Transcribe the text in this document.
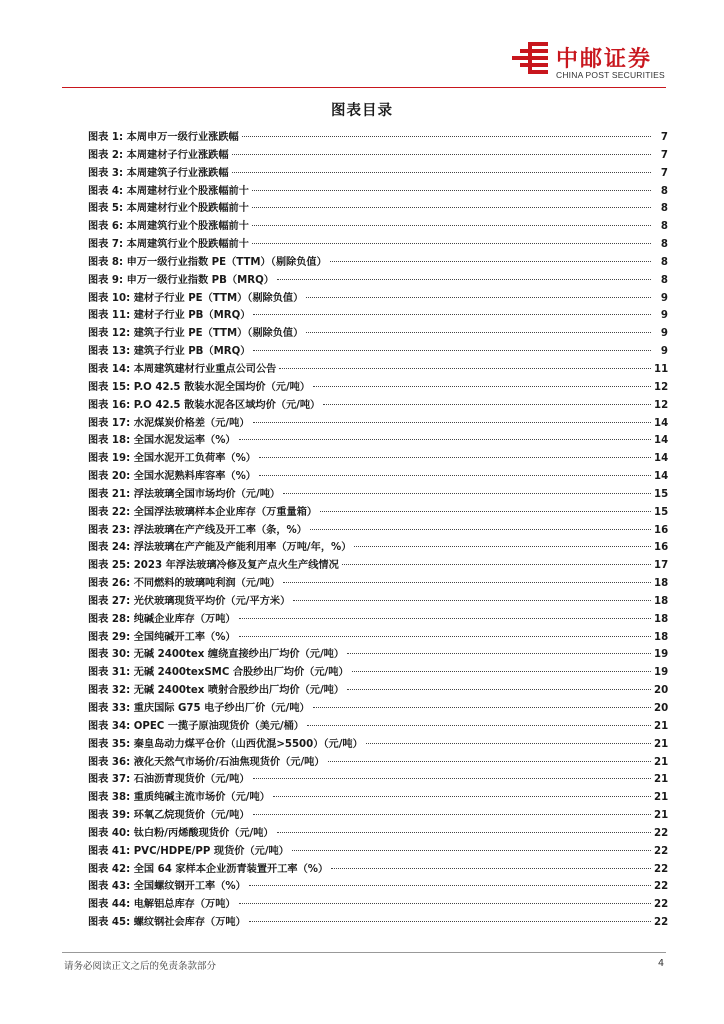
中邮证券
CHINA POST SECURITIES
图表目录
图表 1: 本周申万一级行业涨跌幅	7
图表 2: 本周建材子行业涨跌幅	7
图表 3: 本周建筑子行业涨跌幅	7
图表 4: 本周建材行业个股涨幅前十	8
图表 5: 本周建材行业个股跌幅前十	8
图表 6: 本周建筑行业个股涨幅前十	8
图表 7: 本周建筑行业个股跌幅前十	8
图表 8: 申万一级行业指数 PE（TTM）（剔除负值）	8
图表 9: 申万一级行业指数 PB（MRQ）	8
图表 10: 建材子行业 PE（TTM）（剔除负值）	9
图表 11: 建材子行业 PB（MRQ）	9
图表 12: 建筑子行业 PE（TTM）（剔除负值）	9
图表 13: 建筑子行业 PB（MRQ）	9
图表 14: 本周建筑建材行业重点公司公告	11
图表 15: P.O 42.5 散装水泥全国均价（元/吨）	12
图表 16: P.O 42.5 散装水泥各区域均价（元/吨）	12
图表 17: 水泥煤炭价格差（元/吨）	14
图表 18: 全国水泥发运率（%）	14
图表 19: 全国水泥开工负荷率（%）	14
图表 20: 全国水泥熟料库容率（%）	14
图表 21: 浮法玻璃全国市场均价（元/吨）	15
图表 22: 全国浮法玻璃样本企业库存（万重量箱）	15
图表 23: 浮法玻璃在产产线及开工率（条，%）	16
图表 24: 浮法玻璃在产产能及产能利用率（万吨/年，%）	16
图表 25: 2023 年浮法玻璃冷修及复产点火生产线情况	17
图表 26: 不同燃料的玻璃吨利润（元/吨）	18
图表 27: 光伏玻璃现货平均价（元/平方米）	18
图表 28: 纯碱企业库存（万吨）	18
图表 29: 全国纯碱开工率（%）	18
图表 30: 无碱 2400tex 缠绕直接纱出厂均价（元/吨）	19
图表 31: 无碱 2400texSMC 合股纱出厂均价（元/吨）	19
图表 32: 无碱 2400tex 喷射合股纱出厂均价（元/吨）	20
图表 33: 重庆国际 G75 电子纱出厂价（元/吨）	20
图表 34: OPEC 一揽子原油现货价（美元/桶）	21
图表 35: 秦皇岛动力煤平仓价（山西优混>5500）（元/吨）	21
图表 36: 液化天然气市场价/石油焦现货价（元/吨）	21
图表 37: 石油沥青现货价（元/吨）	21
图表 38: 重质纯碱主流市场价（元/吨）	21
图表 39: 环氧乙烷现货价（元/吨）	21
图表 40: 钛白粉/丙烯酸现货价（元/吨）	22
图表 41: PVC/HDPE/PP 现货价（元/吨）	22
图表 42: 全国 64 家样本企业沥青装置开工率（%）	22
图表 43: 全国螺纹钢开工率（%）	22
图表 44: 电解铝总库存（万吨）	22
图表 45: 螺纹钢社会库存（万吨）	22
请务必阅读正文之后的免责条款部分	4
